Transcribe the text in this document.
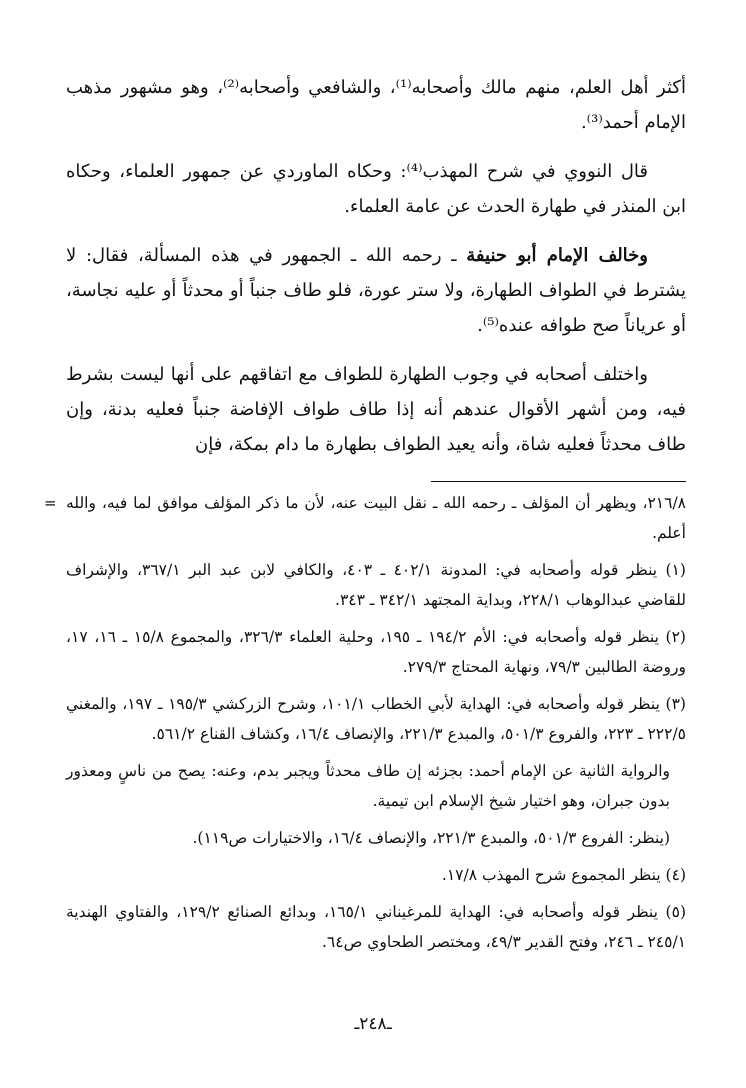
أكثر أهل العلم، منهم مالك وأصحابه⁽¹⁾، والشافعي وأصحابه⁽²⁾، وهو مشهور مذهب الإمام أحمد⁽³⁾.

قال النووي في شرح المهذب⁽⁴⁾: وحكاه الماوردي عن جمهور العلماء، وحكاه ابن المنذر في طهارة الحدث عن عامة العلماء.

وخالف الإمام أبو حنيفة ـ رحمه الله ـ الجمهور في هذه المسألة، فقال: لا يشترط في الطواف الطهارة، ولا ستر عورة، فلو طاف جنباً أو محدثاً أو عليه نجاسة، أو عرياناً صح طوافه عنده⁽⁵⁾.

واختلف أصحابه في وجوب الطهارة للطواف مع اتفاقهم على أنها ليست بشرط فيه، ومن أشهر الأقوال عندهم أنه إذا طاف طواف الإفاضة جنباً فعليه بدنة، وإن طاف محدثاً فعليه شاة، وأنه يعيد الطواف بطهارة ما دام بمكة، فإن

= ٢١٦/٨، ويظهر أن المؤلف ـ رحمه الله ـ نقل البيت عنه، لأن ما ذكر المؤلف موافق لما فيه، والله أعلم.

(١) ينظر قوله وأصحابه في: المدونة ٤٠٢/١ ـ ٤٠٣، والكافي لابن عبد البر ٣٦٧/١، والإشراف للقاضي عبدالوهاب ٢٢٨/١، وبداية المجتهد ٣٤٢/١ ـ ٣٤٣.

(٢) ينظر قوله وأصحابه في: الأم ١٩٤/٢ ـ ١٩٥، وحلية العلماء ٣٢٦/٣، والمجموع ١٥/٨ ـ ١٦، ١٧، وروضة الطالبين ٧٩/٣، ونهاية المحتاج ٢٧٩/٣.

(٣) ينظر قوله وأصحابه في: الهداية لأبي الخطاب ١٠١/١، وشرح الزركشي ١٩٥/٣ ـ ١٩٧، والمغني ٢٢٢/٥ ـ ٢٢٣، والفروع ٥٠١/٣، والمبدع ٢٢١/٣، والإنصاف ١٦/٤، وكشاف القناع ٥٦١/٢.

والرواية الثانية عن الإمام أحمد: بجزئه إن طاف محدثاً ويجبر بدم، وعنه: يصح من ناسٍ ومعذور بدون جبران، وهو اختيار شيخ الإسلام ابن تيمية.

(ينظر: الفروع ٥٠١/٣، والمبدع ٢٢١/٣، والإنصاف ١٦/٤، والاختيارات ص١١٩).

(٤) ينظر المجموع شرح المهذب ١٧/٨.

(٥) ينظر قوله وأصحابه في: الهداية للمرغيناني ١٦٥/١، وبدائع الصنائع ١٢٩/٢، والفتاوي الهندية ٢٤٥/١ ـ ٢٤٦، وفتح القدير ٤٩/٣، ومختصر الطحاوي ص٦٤.

ـ٢٤٨ـ
